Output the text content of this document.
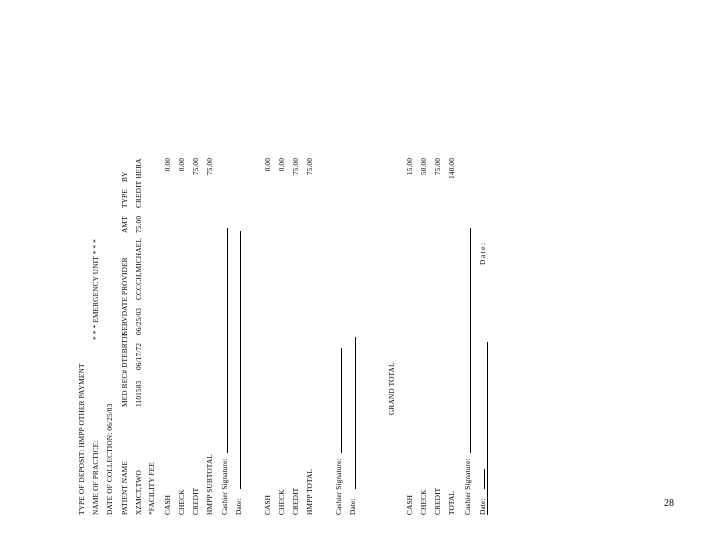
TYPE OF DEPOSIT: HMPP OTHER PAYMENT NAME OF PRACTICE:
* * * EMERGENCY UNIT * * *
DATE OF COLLECTION: 06/25/03 PATIENT NAME
MED REC# DTEBRTH
SERVDATE PROVIDER
AMT
TYPE
BY
XZMCT,TWO
1101583
06/17/72
06/25/03
CCCCH,MICHAEL
75.00
CREDIT HERA
*FACILITY FEE CASH
0.00
CHECK
0.00
CREDIT
75.00
HMPP SUBTOTAL
75.00
Cashier Signature: Date:	CASH
0.00
CHECK
0.00
CREDIT
75.00
HMPP TOTAL
75.00
Cashier Signature: Date:
GRAND TOTAL
CASH
15.00
CHECK
50.00
CREDIT
75.00
TOTAL
140.00
Cashier Signature: Date:
Date:
28
